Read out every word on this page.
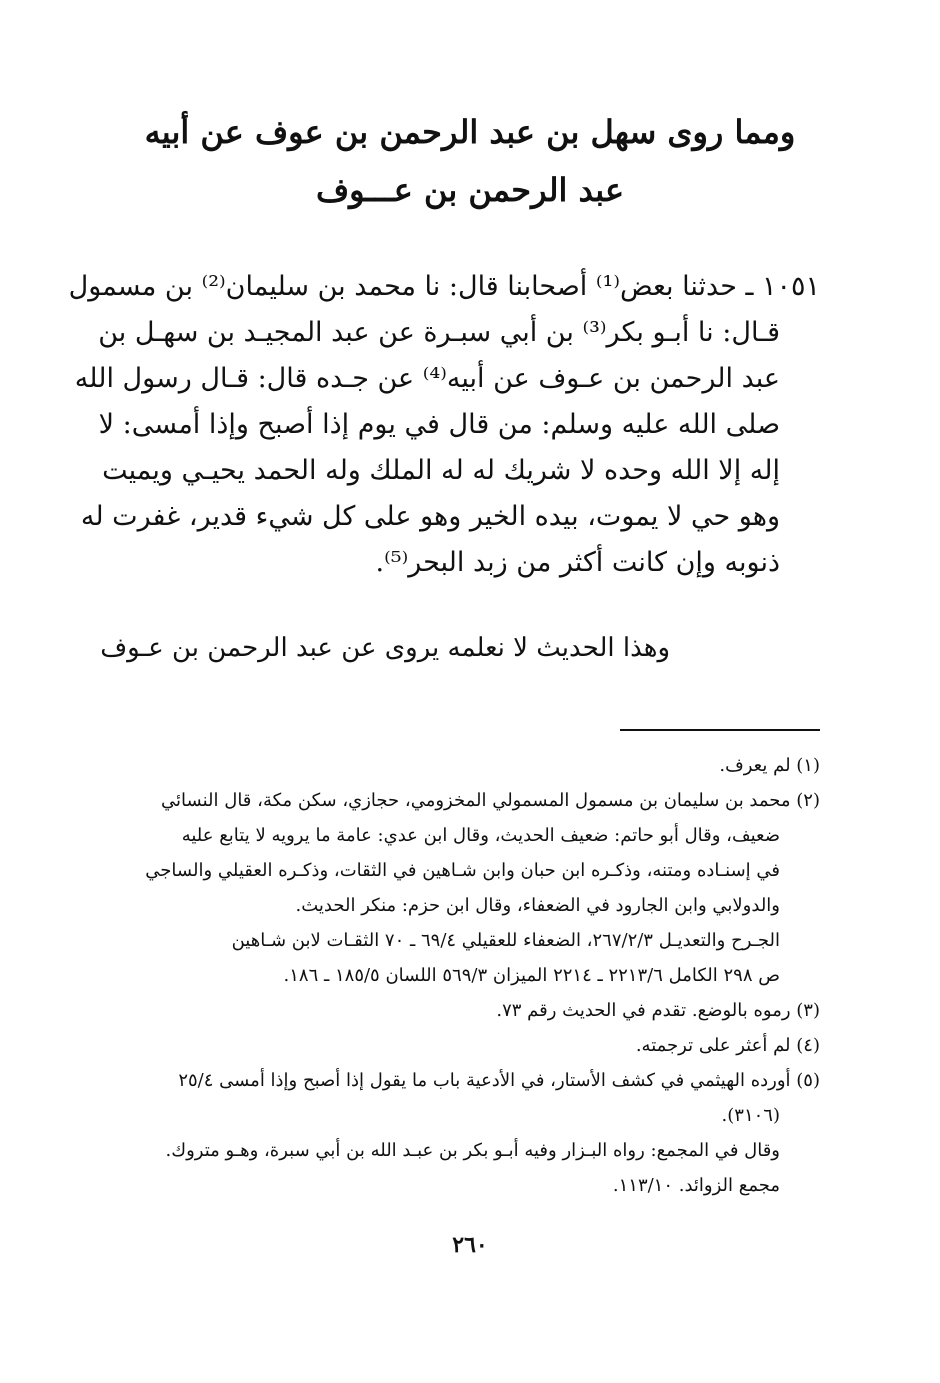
ومما روى سهل بن عبد الرحمن بن عوف عن أبيه
عبد الرحمن بن عـــوف
١٠٥١ ـ حدثنا بعض⁽¹⁾ أصحابنا قال: نا محمد بن سليمان⁽²⁾ بن مسمول
قـال: نا أبـو بكر⁽³⁾ بن أبي سبـرة عن عبد المجيـد بن سهـل بن
عبد الرحمن بن عـوف عن أبيه⁽⁴⁾ عن جـده قال: قـال رسول الله
صلى الله عليه وسلم: من قال في يوم إذا أصبح وإذا أمسى: لا
إله إلا الله وحده لا شريك له له الملك وله الحمد يحيـي ويميت
وهو حي لا يموت، بيده الخير وهو على كل شيء قدير، غفرت له
ذنوبه وإن كانت أكثر من زبد البحر⁽⁵⁾.
وهذا الحديث لا نعلمه يروى عن عبد الرحمن بن عـوف
(١) لم يعرف.
(٢) محمد بن سليمان بن مسمول المسمولي المخزومي، حجازي، سكن مكة، قال النسائي
ضعيف، وقال أبو حاتم: ضعيف الحديث، وقال ابن عدي: عامة ما يرويه لا يتابع عليه
في إسنـاده ومتنه، وذكـره ابن حبان وابن شـاهين في الثقات، وذكـره العقيلي والساجي
والدولابي وابن الجارود في الضعفاء، وقال ابن حزم: منكر الحديث.
الجـرح والتعديـل ٢٦٧/٢/٣، الضعفاء للعقيلي ٦٩/٤ ـ ٧٠ الثقـات لابن شـاهين
ص ٢٩٨ الكامل ٢٢١٣/٦ ـ ٢٢١٤ الميزان ٥٦٩/٣ اللسان ١٨٥/٥ ـ ١٨٦.
(٣) رموه بالوضع. تقدم في الحديث رقم ٧٣.
(٤) لم أعثر على ترجمته.
(٥) أورده الهيثمي في كشف الأستار، في الأدعية باب ما يقول إذا أصبح وإذا أمسى ٢٥/٤
(٣١٠٦).
وقال في المجمع: رواه البـزار وفيه أبـو بكر بن عبـد الله بن أبي سبرة، وهـو متروك.
مجمع الزوائد. ١١٣/١٠.
٢٦٠
